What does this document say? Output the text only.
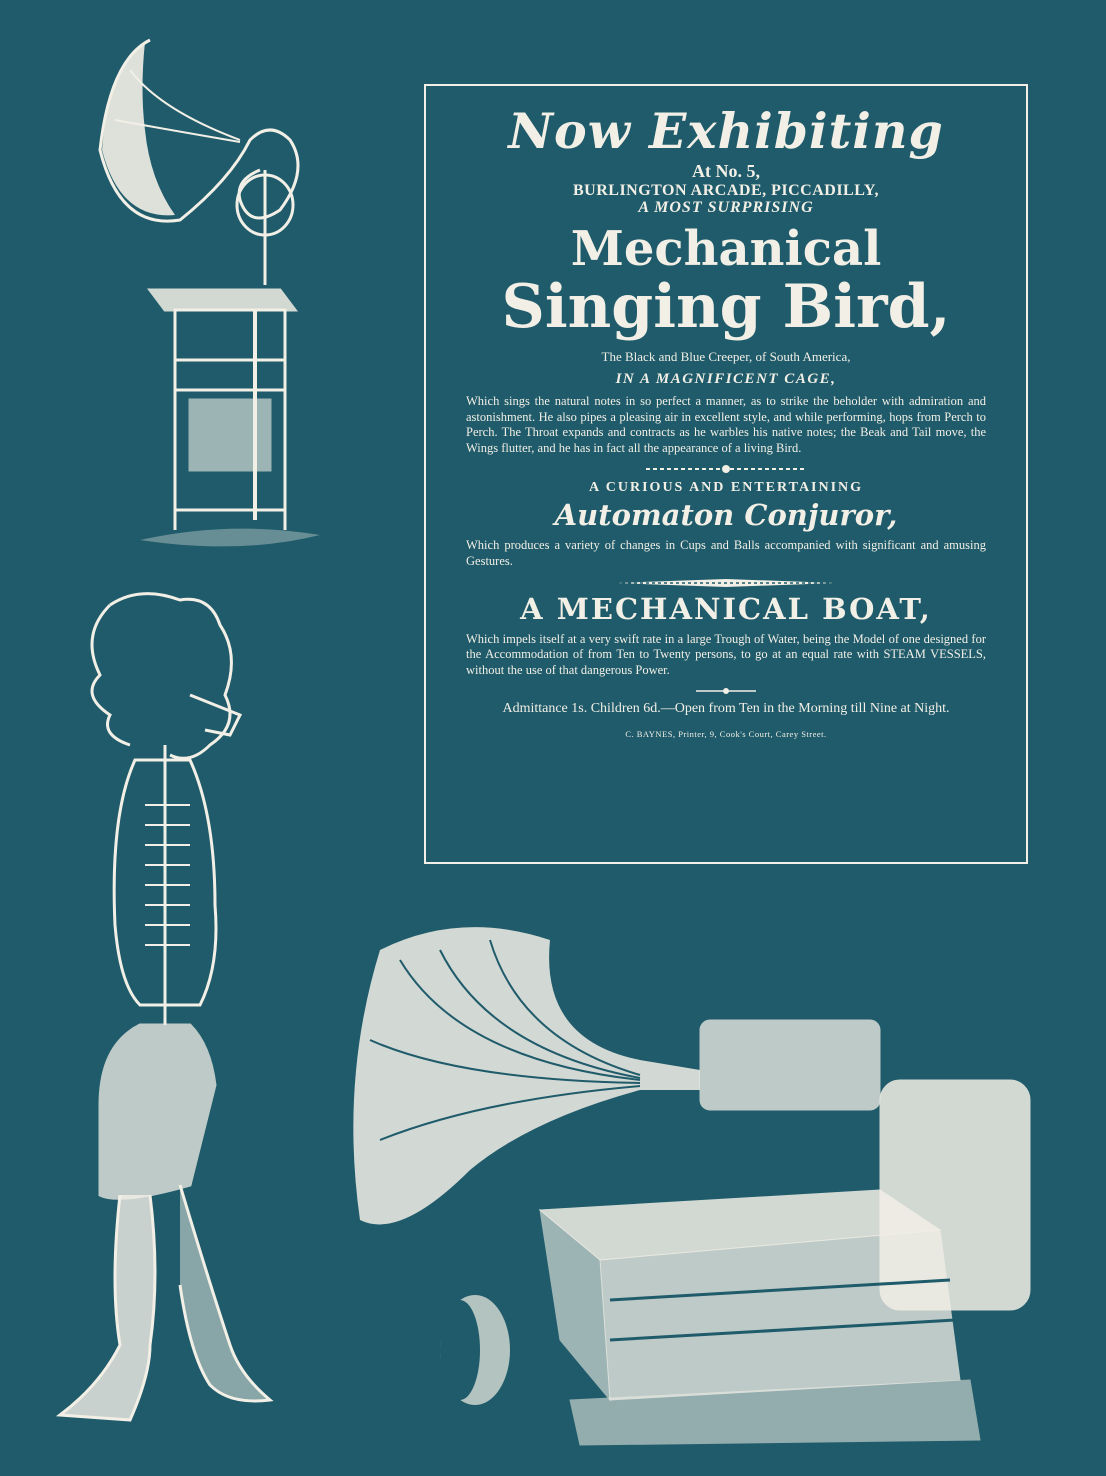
Now Exhibiting
At No. 5,
BURLINGTON ARCADE, PICCADILLY,
A MOST SURPRISING
Mechanical
Singing Bird,
The Black and Blue Creeper, of South America,
IN A MAGNIFICENT CAGE,
Which sings the natural notes in so perfect a manner, as to strike the beholder with admiration and astonishment. He also pipes a pleasing air in excellent style, and while performing, hops from Perch to Perch. The Throat expands and contracts as he warbles his native notes; the Beak and Tail move, the Wings flutter, and he has in fact all the appearance of a living Bird.
A CURIOUS AND ENTERTAINING
Automaton Conjuror,
Which produces a variety of changes in Cups and Balls accompanied with significant and amusing Gestures.
A MECHANICAL BOAT,
Which impels itself at a very swift rate in a large Trough of Water, being the Model of one designed for the Accommodation of from Ten to Twenty persons, to go at an equal rate with STEAM VESSELS, without the use of that dangerous Power.
Admittance 1s. Children 6d.—Open from Ten in the Morning till Nine at Night.
C. BAYNES, Printer, 9, Cook's Court, Carey Street.
